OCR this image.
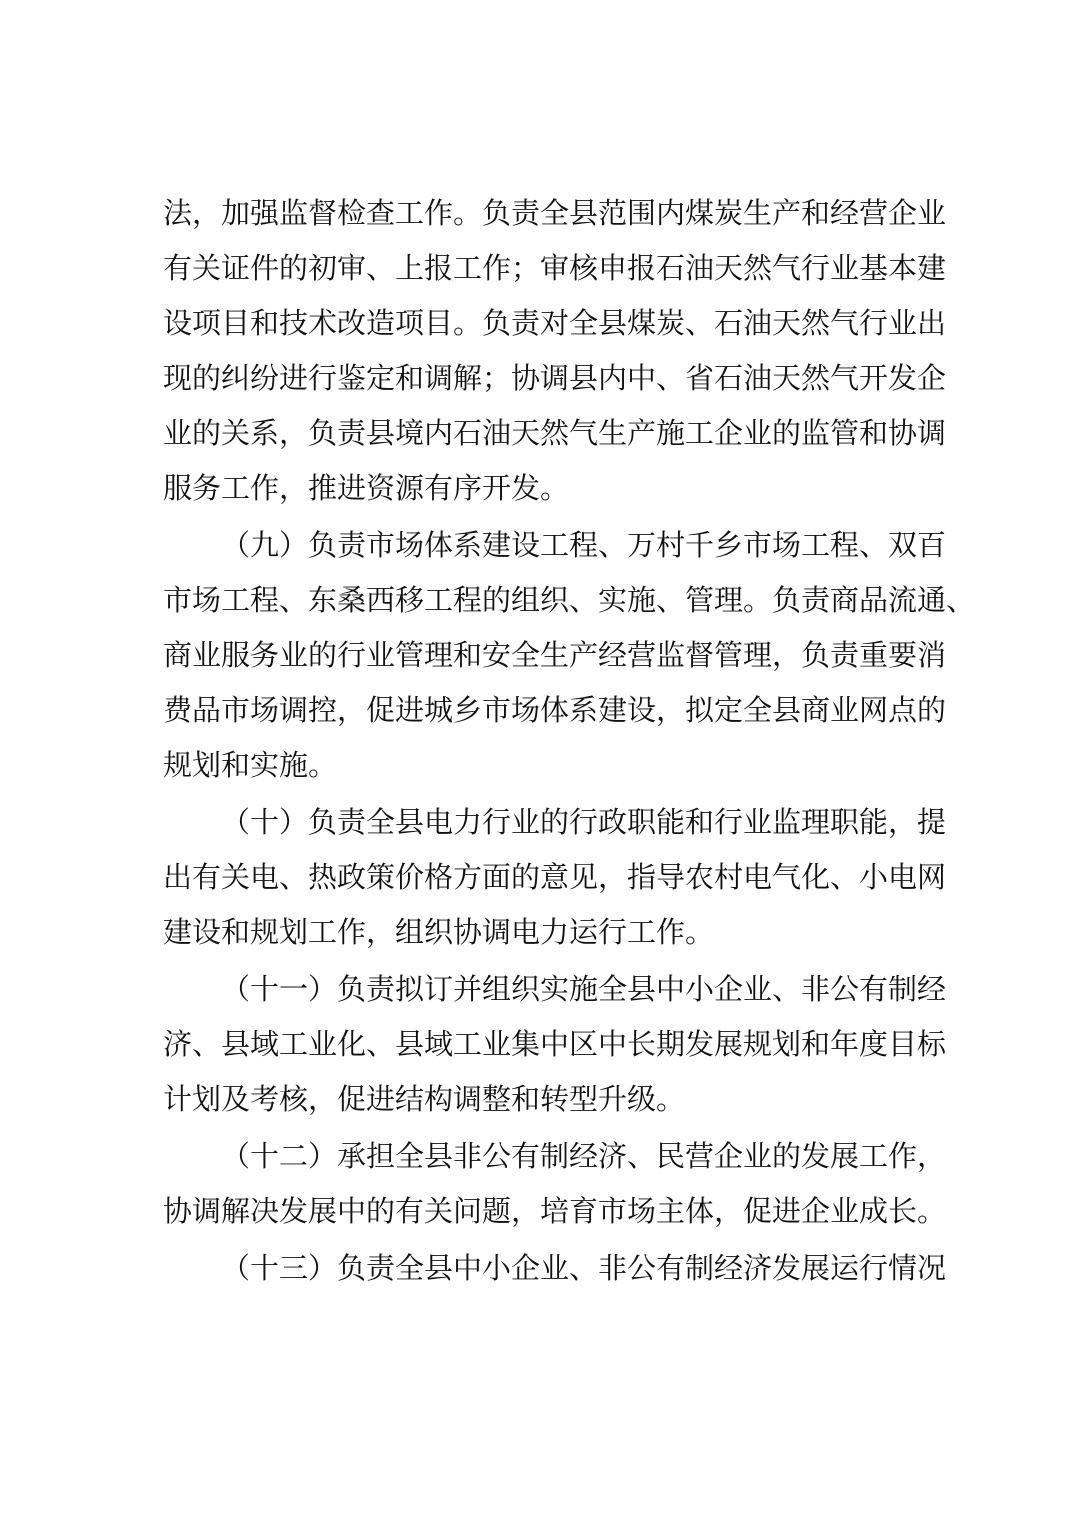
法，加强监督检查工作。负责全县范围内煤炭生产和经营企业
有关证件的初审、上报工作；审核申报石油天然气行业基本建
设项目和技术改造项目。负责对全县煤炭、石油天然气行业出
现的纠纷进行鉴定和调解；协调县内中、省石油天然气开发企
业的关系，负责县境内石油天然气生产施工企业的监管和协调
服务工作，推进资源有序开发。
（九）负责市场体系建设工程、万村千乡市场工程、双百
市场工程、东桑西移工程的组织、实施、管理。负责商品流通、
商业服务业的行业管理和安全生产经营监督管理，负责重要消
费品市场调控，促进城乡市场体系建设，拟定全县商业网点的
规划和实施。
（十）负责全县电力行业的行政职能和行业监理职能，提
出有关电、热政策价格方面的意见，指导农村电气化、小电网
建设和规划工作，组织协调电力运行工作。
（十一）负责拟订并组织实施全县中小企业、非公有制经
济、县域工业化、县域工业集中区中长期发展规划和年度目标
计划及考核，促进结构调整和转型升级。
（十二）承担全县非公有制经济、民营企业的发展工作，
协调解决发展中的有关问题，培育市场主体，促进企业成长。
（十三）负责全县中小企业、非公有制经济发展运行情况
